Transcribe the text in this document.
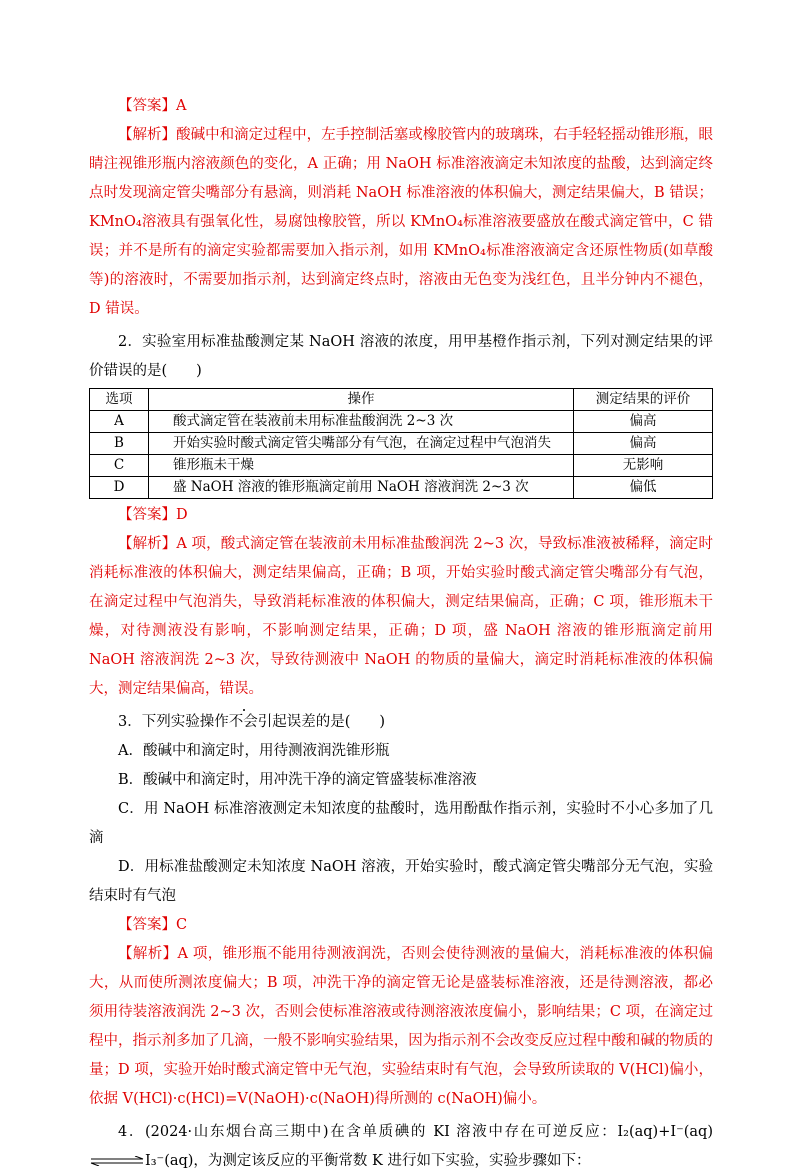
【答案】A

【解析】酸碱中和滴定过程中，左手控制活塞或橡胶管内的玻璃珠，右手轻轻摇动锥形瓶，眼睛注视锥形瓶内溶液颜色的变化，A 正确；用 NaOH 标准溶液滴定未知浓度的盐酸，达到滴定终点时发现滴定管尖嘴部分有悬滴，则消耗 NaOH 标准溶液的体积偏大，测定结果偏大，B 错误；KMnO₄溶液具有强氧化性，易腐蚀橡胶管，所以 KMnO₄标准溶液要盛放在酸式滴定管中，C 错误；并不是所有的滴定实验都需要加入指示剂，如用 KMnO₄标准溶液滴定含还原性物质(如草酸等)的溶液时，不需要加指示剂，达到滴定终点时，溶液由无色变为浅红色，且半分钟内不褪色，D 错误。

2．实验室用标准盐酸测定某 NaOH 溶液的浓度，用甲基橙作指示剂，下列对测定结果的评价错误的是(　　)

选项	操作	测定结果的评价
A	酸式滴定管在装液前未用标准盐酸润洗 2~3 次	偏高
B	开始实验时酸式滴定管尖嘴部分有气泡，在滴定过程中气泡消失	偏高
C	锥形瓶未干燥	无影响
D	盛 NaOH 溶液的锥形瓶滴定前用 NaOH 溶液润洗 2~3 次	偏低

【答案】D

【解析】A 项，酸式滴定管在装液前未用标准盐酸润洗 2~3 次，导致标准液被稀释，滴定时消耗标准液的体积偏大，测定结果偏高，正确；B 项，开始实验时酸式滴定管尖嘴部分有气泡，在滴定过程中气泡消失，导致消耗标准液的体积偏大，测定结果偏高，正确；C 项，锥形瓶未干燥，对待测液没有影响，不影响测定结果，正确；D 项，盛 NaOH 溶液的锥形瓶滴定前用 NaOH 溶液润洗 2~3 次，导致待测液中 NaOH 的物质的量偏大，滴定时消耗标准液的体积偏大，测定结果偏高，错误。

3．下列实验操作不会引起误差的是(　　)

A．酸碱中和滴定时，用待测液润洗锥形瓶

B．酸碱中和滴定时，用冲洗干净的滴定管盛装标准溶液

C．用 NaOH 标准溶液测定未知浓度的盐酸时，选用酚酞作指示剂，实验时不小心多加了几滴

D．用标准盐酸测定未知浓度 NaOH 溶液，开始实验时，酸式滴定管尖嘴部分无气泡，实验结束时有气泡

【答案】C

【解析】A 项，锥形瓶不能用待测液润洗，否则会使待测液的量偏大，消耗标准液的体积偏大，从而使所测浓度偏大；B 项，冲洗干净的滴定管无论是盛装标准溶液，还是待测溶液，都必须用待装溶液润洗 2~3 次，否则会使标准溶液或待测溶液浓度偏小，影响结果；C 项，在滴定过程中，指示剂多加了几滴，一般不影响实验结果，因为指示剂不会改变反应过程中酸和碱的物质的量；D 项，实验开始时酸式滴定管中无气泡，实验结束时有气泡，会导致所读取的 V(HCl)偏小，依据 V(HCl)·c(HCl)=V(NaOH)·c(NaOH)得所测的 c(NaOH)偏小。

4．(2024·山东烟台高三期中)在含单质碘的 KI 溶液中存在可逆反应：I₂(aq)+I⁻(aq)⇌I₃⁻(aq)，为测定该反应的平衡常数 K 进行如下实验，实验步骤如下：
